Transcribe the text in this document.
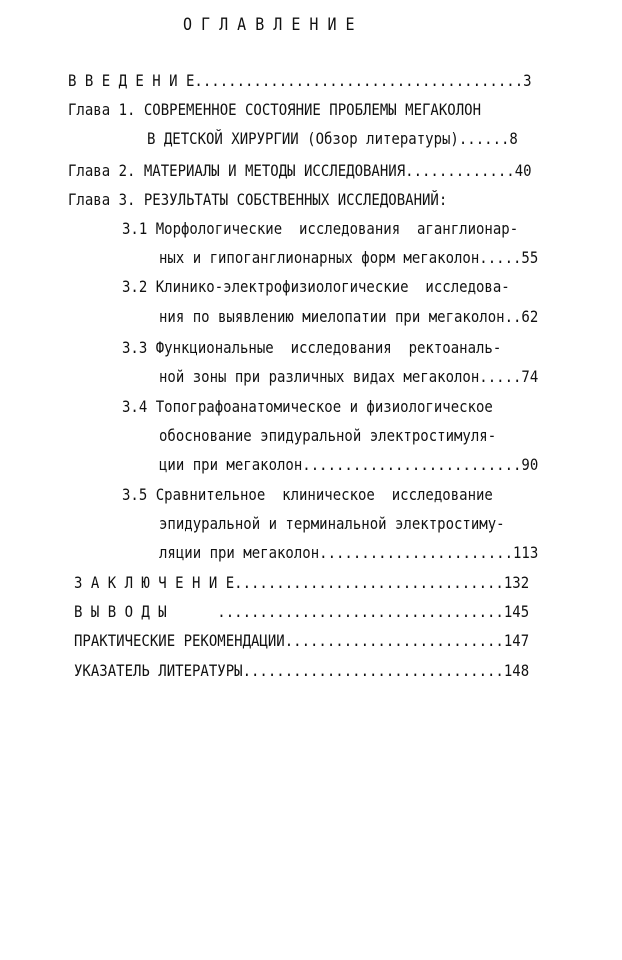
О Г Л А В Л Е Н И Е
В В Е Д Е Н И Е.......................................3
Глава 1. СОВРЕМЕННОЕ СОСТОЯНИЕ ПРОБЛЕМЫ МЕГАКОЛОН
В ДЕТСКОЙ ХИРУРГИИ (Обзор литературы)......8
Глава 2. МАТЕРИАЛЫ И МЕТОДЫ ИССЛЕДОВАНИЯ.............40
Глава 3. РЕЗУЛЬТАТЫ СОБСТВЕННЫХ ИССЛЕДОВАНИЙ:
3.1 Морфологические  исследования  аганглионар-
ных и гипоганглионарных форм мегаколон.....55
3.2 Клинико-электрофизиологические  исследова-
ния по выявлению миелопатии при мегаколон..62
3.3 Функциональные  исследования  ректоаналь-
ной зоны при различных видах мегаколон.....74
3.4 Топографоанатомическое и физиологическое
обоснование эпидуральной электростимуля-
ции при мегаколон..........................90
3.5 Сравнительное  клиническое  исследование
эпидуральной и терминальной электростиму-
ляции при мегаколон.......................113
З А К Л Ю Ч Е Н И Е................................132
В Ы В О Д Ы      ..................................145
ПРАКТИЧЕСКИЕ РЕКОМЕНДАЦИИ..........................147
УКАЗАТЕЛЬ ЛИТЕРАТУРЫ...............................148
